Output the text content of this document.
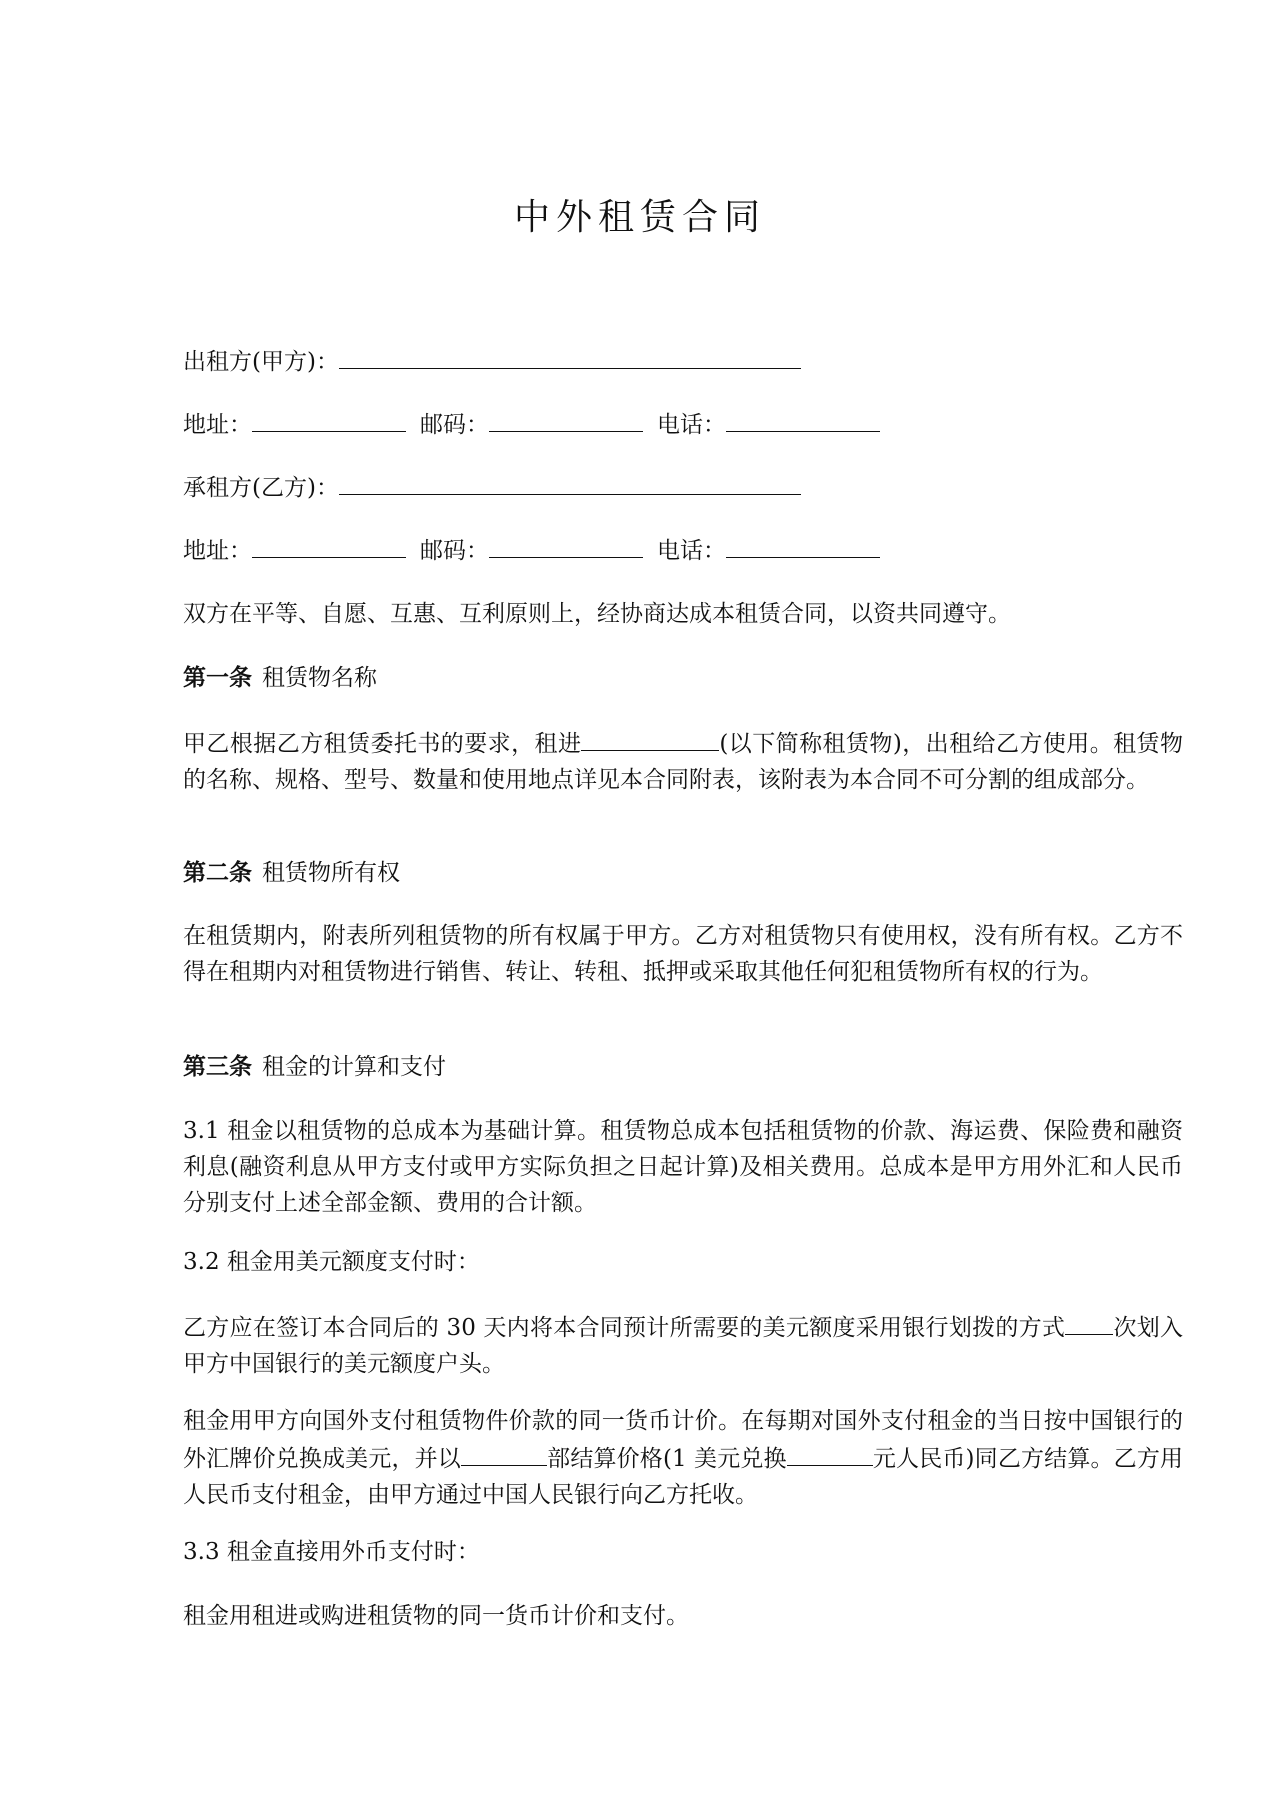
中外租赁合同
出租方(甲方)：
地址：	邮码：	电话：
承租方(乙方)：
地址：	邮码：	电话：
双方在平等、自愿、互惠、互利原则上，经协商达成本租赁合同，以资共同遵守。
第一条 租赁物名称
甲乙根据乙方租赁委托书的要求，租进	(以下简称租赁物)，出租给乙方使用。租赁物的名称、规格、型号、数量和使用地点详见本合同附表，该附表为本合同不可分割的组成部分。
第二条 租赁物所有权
在租赁期内，附表所列租赁物的所有权属于甲方。乙方对租赁物只有使用权，没有所有权。乙方不得在租期内对租赁物进行销售、转让、转租、抵押或采取其他任何犯租赁物所有权的行为。
第三条 租金的计算和支付
3.1 租金以租赁物的总成本为基础计算。租赁物总成本包括租赁物的价款、海运费、保险费和融资利息(融资利息从甲方支付或甲方实际负担之日起计算)及相关费用。总成本是甲方用外汇和人民币分别支付上述全部金额、费用的合计额。
3.2 租金用美元额度支付时：
乙方应在签订本合同后的 30 天内将本合同预计所需要的美元额度采用银行划拨的方式 次划入甲方中国银行的美元额度户头。
租金用甲方向国外支付租赁物件价款的同一货币计价。在每期对国外支付租金的当日按中国银行的外汇牌价兑换成美元，并以	部结算价格(1 美元兑换	元人民币)同乙方结算。乙方用人民币支付租金，由甲方通过中国人民银行向乙方托收。
3.3 租金直接用外币支付时：
租金用租进或购进租赁物的同一货币计价和支付。
